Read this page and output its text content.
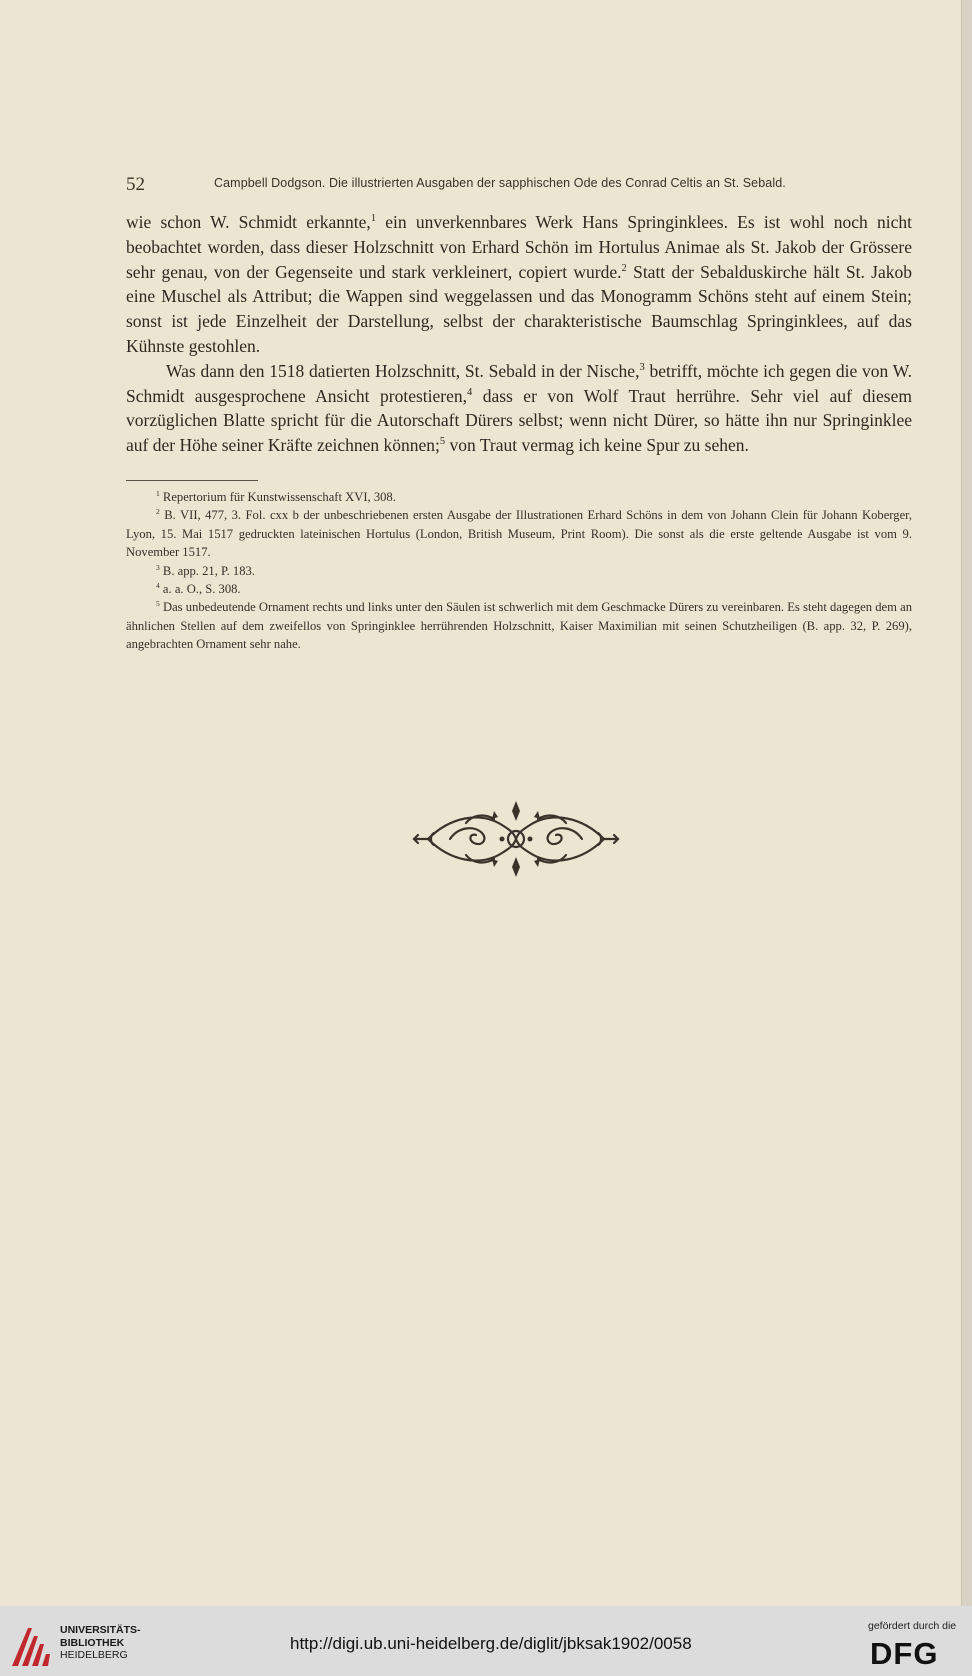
52	Campbell Dodgson. Die illustrierten Ausgaben der sapphischen Ode des Conrad Celtis an St. Sebald.

wie schon W. Schmidt erkannte,$^1$ ein unverkennbares Werk Hans Springinklees. Es ist wohl noch nicht beobachtet worden, dass dieser Holzschnitt von Erhard Schön im Hortulus Animae als St. Jakob der Grössere sehr genau, von der Gegenseite und stark verkleinert, copiert wurde.$^2$ Statt der Sebalduskirche hält St. Jakob eine Muschel als Attribut; die Wappen sind weggelassen und das Monogramm Schöns steht auf einem Stein; sonst ist jede Einzelheit der Darstellung, selbst der charakteristische Baumschlag Springinklees, auf das Kühnste gestohlen.

Was dann den 1518 datierten Holzschnitt, St. Sebald in der Nische,$^3$ betrifft, möchte ich gegen die von W. Schmidt ausgesprochene Ansicht protestieren,$^4$ dass er von Wolf Traut herrühre. Sehr viel auf diesem vorzüglichen Blatte spricht für die Autorschaft Dürers selbst; wenn nicht Dürer, so hätte ihn nur Springinklee auf der Höhe seiner Kräfte zeichnen können;$^5$ von Traut vermag ich keine Spur zu sehen.

$^1$ Repertorium für Kunstwissenschaft XVI, 308.

$^2$ B. VII, 477, 3. Fol. cxx b der unbeschriebenen ersten Ausgabe der Illustrationen Erhard Schöns in dem von Johann Clein für Johann Koberger, Lyon, 15. Mai 1517 gedruckten lateinischen Hortulus (London, British Museum, Print Room). Die sonst als die erste geltende Ausgabe ist vom 9. November 1517.

$^3$ B. app. 21, P. 183.

$^4$ a. a. O., S. 308.

$^5$ Das unbedeutende Ornament rechts und links unter den Säulen ist schwerlich mit dem Geschmacke Dürers zu vereinbaren. Es steht dagegen dem an ähnlichen Stellen auf dem zweifellos von Springinklee herrührenden Holzschnitt, Kaiser Maximilian mit seinen Schutzheiligen (B. app. 32, P. 269), angebrachten Ornament sehr nahe.

UNIVERSITÄTS-
BIBLIOTHEK
HEIDELBERG
http://digi.ub.uni-heidelberg.de/diglit/jbksak1902/0058
gefördert durch die
DFG
